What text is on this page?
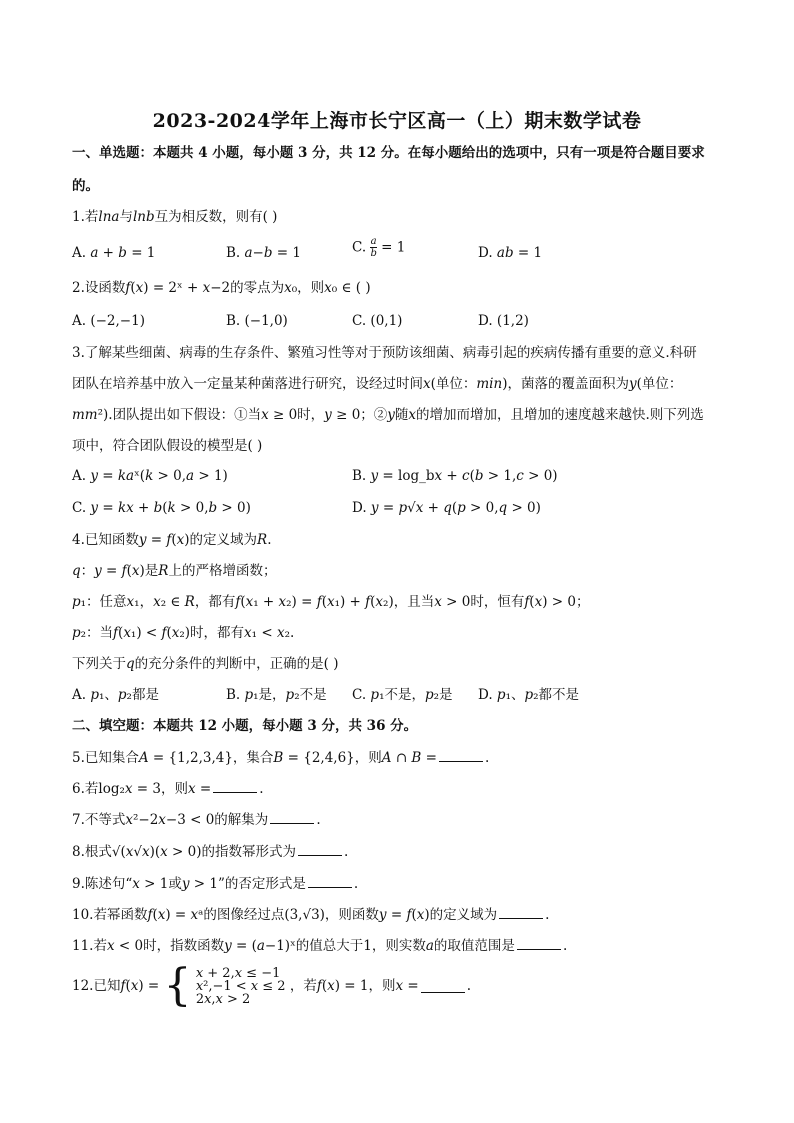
2023-2024学年上海市长宁区高一（上）期末数学试卷
一、单选题：本题共 4 小题，每小题 3 分，共 12 分。在每小题给出的选项中，只有一项是符合题目要求
的。
1.若𝑙𝑛𝑎与𝑙𝑛𝑏互为相反数，则有( )
A. 𝑎 + 𝑏 = 1	B. 𝑎−𝑏 = 1	C. 𝑎
𝑏 = 1	D. 𝑎𝑏 = 1
2.设函数𝑓(𝑥) = 2ˣ + 𝑥−2的零点为𝑥₀，则𝑥₀ ∈ ( )
A. (−2,−1)	B. (−1,0)	C. (0,1)	D. (1,2)
3.了解某些细菌、病毒的生存条件、繁殖习性等对于预防该细菌、病毒引起的疾病传播有重要的意义.科研
团队在培养基中放入一定量某种菌落进行研究，设经过时间𝑥(单位：𝑚𝑖𝑛)，菌落的覆盖面积为𝑦(单位：
𝑚𝑚²).团队提出如下假设：①当𝑥 ≥ 0时，𝑦 ≥ 0；②𝑦随𝑥的增加而增加，且增加的速度越来越快.则下列选
项中，符合团队假设的模型是( )
A. 𝑦 = 𝑘𝑎ˣ(𝑘 > 0,𝑎 > 1)	B. 𝑦 = log_b𝑥 + 𝑐(𝑏 > 1,𝑐 > 0)
C. 𝑦 = 𝑘𝑥 + 𝑏(𝑘 > 0,𝑏 > 0)	D. 𝑦 = 𝑝√𝑥 + 𝑞(𝑝 > 0,𝑞 > 0)
4.已知函数𝑦 = 𝑓(𝑥)的定义域为𝑅.
𝑞：𝑦 = 𝑓(𝑥)是𝑅上的严格增函数；
𝑝₁：任意𝑥₁，𝑥₂ ∈ 𝑅，都有𝑓(𝑥₁ + 𝑥₂) = 𝑓(𝑥₁) + 𝑓(𝑥₂)，且当𝑥 > 0时，恒有𝑓(𝑥) > 0；
𝑝₂：当𝑓(𝑥₁) < 𝑓(𝑥₂)时，都有𝑥₁ < 𝑥₂.
下列关于𝑞的充分条件的判断中，正确的是( )
A. 𝑝₁、𝑝₂都是	B. 𝑝₁是，𝑝₂不是 C. 𝑝₁不是，𝑝₂是 D. 𝑝₁、𝑝₂都不是
二、填空题：本题共 12 小题，每小题 3 分，共 36 分。
5.已知集合𝐴 = {1,2,3,4}，集合𝐵 = {2,4,6}，则𝐴 ∩ 𝐵 =	.
6.若log₂𝑥 = 3，则𝑥 =	.
7.不等式𝑥²−2𝑥−3 < 0的解集为	.
8.根式√(𝑥√𝑥)(𝑥 > 0)的指数幂形式为	.
9.陈述句“𝑥 > 1或𝑦 > 1”的否定形式是	.
10.若幂函数𝑓(𝑥) = 𝑥ᵃ的图像经过点(3,√3)，则函数𝑦 = 𝑓(𝑥)的定义域为	.
11.若𝑥 < 0时，指数函数𝑦 = (𝑎−1)ˣ的值总大于1，则实数𝑎的取值范围是	.
12.已知𝑓(𝑥) = { 𝑥 + 2,𝑥 ≤ −1
𝑥²,−1 < 𝑥 ≤ 2
2𝑥,𝑥 > 2
，若𝑓(𝑥) = 1，则𝑥 =	.
